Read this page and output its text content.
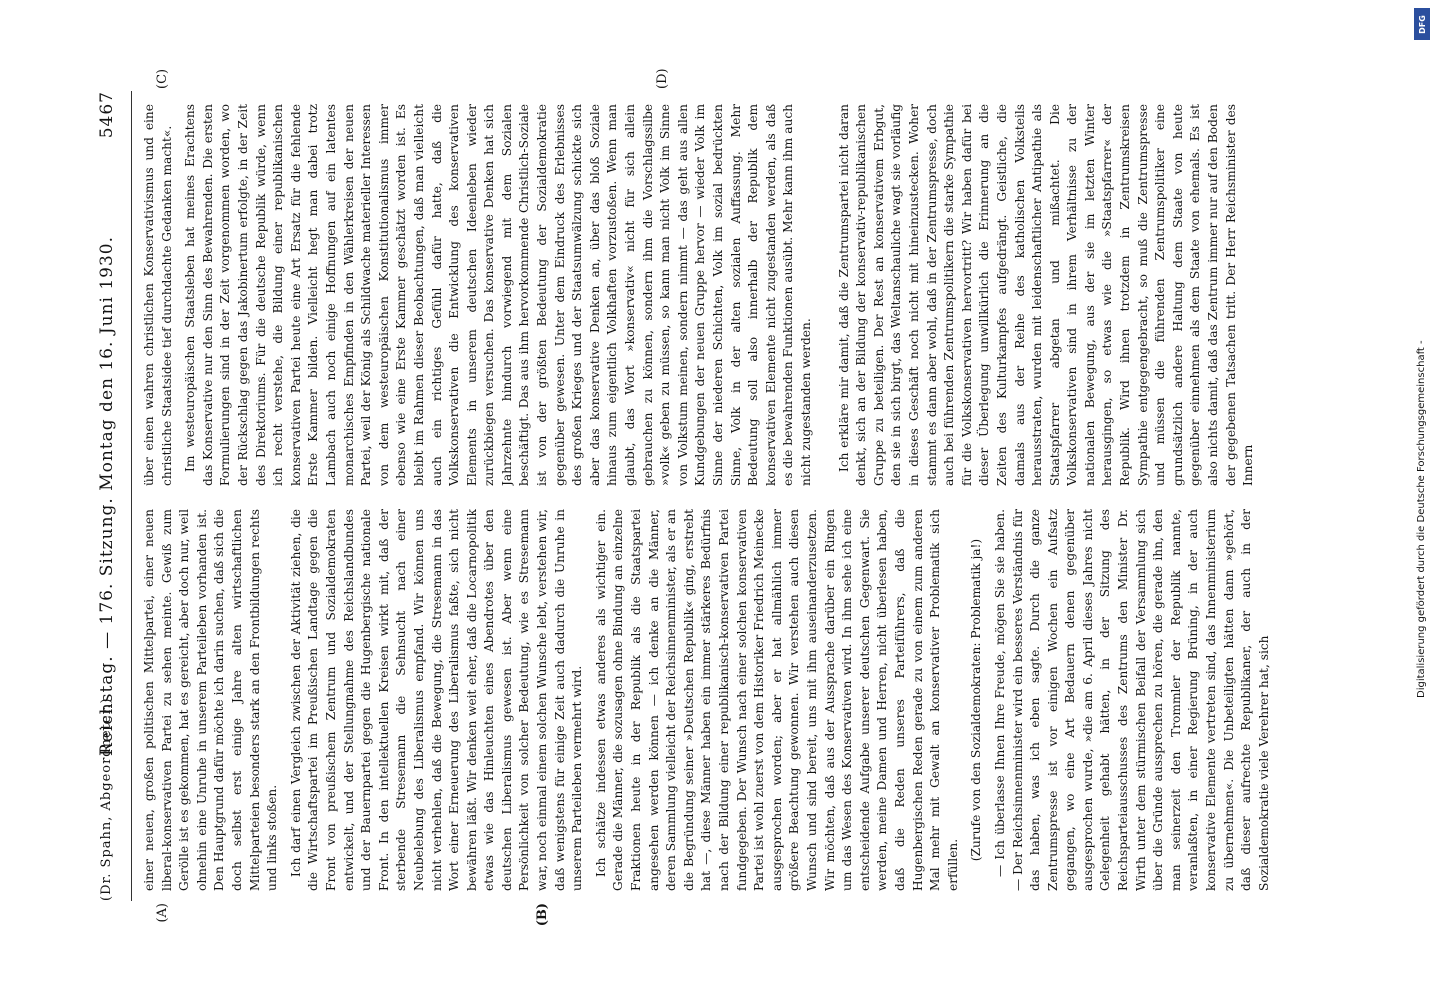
(Dr. Spahn, Abgeordneter.)
Reichstag. — 176. Sitzung. Montag den 16. Juni 1930.
5467

einer neuen, großen politischen Mittelpartei, einer neuen liberal-konservativen Partei zu sehen meinte. Gewiß zum Gerölle ist es gekommen, hat es gereicht, aber doch nur, weil ohnehin eine Unruhe in unserem Parteileben vorhanden ist. Den Hauptgrund dafür möchte ich darin suchen, daß sich die doch selbst erst einige Jahre alten wirtschaftlichen Mittelparteien besonders stark an den Frontbildungen rechts und links stoßen. Ich darf einen Vergleich zwischen der Aktivität ziehen, die die Wirtschaftspartei im Preußischen Landtage gegen die Front von preußischem Zentrum und Sozialdemokraten entwickelt, und der Stellungnahme des Reichslandbundes und der Bauernpartei gegen die Hugenbergische nationale Front. In den intellektuellen Kreisen wirkt mit, daß der sterbende Stresemann die Sehnsucht nach einer Neubelebung des Liberalismus empfand. Wir können uns nicht verhehlen, daß die Bewegung, die Stresemann in das Wort einer Erneuerung des Liberalismus faßte, sich nicht bewähren läßt. Wir denken weit eher, daß die Locarnopolitik etwas wie das Hinleuchten eines Abendrotes über den deutschen Liberalismus gewesen ist. Aber wenn eine Persönlichkeit von solcher Bedeutung, wie es Stresemann war, noch einmal einem solchen Wunsche lebt, verstehen wir, daß wenigstens für einige Zeit auch dadurch die Unruhe in unserem Parteileben vermehrt wird. Ich schätze indessen etwas anderes als wichtiger ein. Gerade die Männer, die sozusagen ohne Bindung an einzelne Fraktionen heute in der Republik als die Staatspartei angesehen werden können — ich denke an die Männer, deren Sammlung vielleicht der Reichsinnenminister, als er an die Begründung seiner »Deutschen Republik« ging, erstrebt hat —, diese Männer haben ein immer stärkeres Bedürfnis nach der Bildung einer republikanisch-konservativen Partei fundgegeben. Der Wunsch nach einer solchen konservativen Partei ist wohl zuerst von dem Historiker Friedrich Meinecke ausgesprochen worden; aber er hat allmählich immer größere Beachtung gewonnen. Wir verstehen auch diesen Wunsch und sind bereit, uns mit ihm auseinanderzusetzen. Wir möchten, daß aus der Aussprache darüber ein Ringen um das Wesen des Konservativen wird. In ihm sehe ich eine entscheidende Aufgabe unserer deutschen Gegenwart. Sie werden, meine Damen und Herren, nicht überlesen haben, daß die Reden unseres Parteiführers, daß die Hugenbergischen Reden gerade zu von einem zum anderen Mal mehr mit Gewalt an konservativer Problematik sich erfüllen.

(Zurufe von den Sozialdemokraten: Problematik ja!) — Ich überlasse Ihnen Ihre Freude, mögen Sie sie haben. — Der Reichsinnenminister wird ein besseres Verständnis für das haben, was ich eben sagte. Durch die ganze Zentrumspresse ist vor einigen Wochen ein Aufsatz gegangen, wo eine Art Bedauern denen gegenüber ausgesprochen wurde, »die am 6. April dieses Jahres nicht Gelegenheit gehabt hätten, in der Sitzung des Reichsparteiausschusses des Zentrums den Minister Dr. Wirth unter dem stürmischen Beifall der Versammlung sich über die Gründe aussprechen zu hören, die gerade ihn, den man seinerzeit den Trommler der Republik nannte, veranlaßten, in einer Regierung Brüning, in der auch konservative Elemente vertreten sind, das Innenministerium zu übernehmen«. Die Unbeteiligten hätten dann »gehört, daß dieser aufrechte Republikaner, der auch in der Sozialdemokratie viele Verehrer hat, sich

über einen wahren christlichen Konservativismus und eine christliche Staatsidee tief durchdachte Gedanken macht«. Im westeuropäischen Staatsleben hat meines Erachtens das Konservative nur den Sinn des Bewahrenden. Die ersten Formulierungen sind in der Zeit vorgenommen worden, wo der Rückschlag gegen das Jakobinertum erfolgte, in der Zeit des Direktoriums. Für die deutsche Republik würde, wenn ich recht verstehe, die Bildung einer republikanischen konservativen Partei heute eine Art Ersatz für die fehlende Erste Kammer bilden. Vielleicht hegt man dabei trotz Lambach auch noch einige Hoffnungen auf ein latentes monarchisches Empfinden in den Wählerkreisen der neuen Partei, weil der König als Schildwache materieller Interessen von dem westeuropäischen Konstitutionalismus immer ebenso wie eine Erste Kammer geschätzt worden ist. Es bleibt im Rahmen dieser Beobachtungen, daß man vielleicht auch ein richtiges Gefühl dafür hatte, daß die Volkskonservativen die Entwicklung des konservativen Elements in unserem deutschen Ideenleben wieder zurückbiegen versuchen. Das konservative Denken hat sich Jahrzehnte hindurch vorwiegend mit dem Sozialen beschäftigt. Das aus ihm hervorkommende Christlich-Soziale ist von der größten Bedeutung der Sozialdemokratie gegenüber gewesen. Unter dem Eindruck des Erlebnisses des großen Krieges und der Staatsumwälzung schickte sich aber das konservative Denken an, über das bloß Soziale hinaus zum eigentlich Volkhaften vorzustoßen. Wenn man glaubt, das Wort »konservativ« nicht für sich allein gebrauchen zu können, sondern ihm die Vorschlagssilbe »volk« geben zu müssen, so kann man nicht Volk im Sinne von Volkstum meinen, sondern nimmt — das geht aus allen Kundgebungen der neuen Gruppe hervor — wieder Volk im Sinne der niederen Schichten, Volk im sozial bedrückten Sinne, Volk in der alten sozialen Auffassung. Mehr Bedeutung soll also innerhalb der Republik dem konservativen Elemente nicht zugestanden werden, als daß es die bewahrenden Funktionen ausübt. Mehr kann ihm auch nicht zugestanden werden. Ich erkläre mir damit, daß die Zentrumspartei nicht daran denkt, sich an der Bildung der konservativ-republikanischen Gruppe zu beteiligen. Der Rest an konservativem Erbgut, den sie in sich birgt, das Weltanschauliche wagt sie vorläufig in dieses Geschäft noch nicht mit hineinzustecken. Woher stammt es dann aber wohl, daß in der Zentrumspresse, doch auch bei führenden Zentrumspolitikern die starke Sympathie für die Volkskonservativen hervortritt? Wir haben dafür bei dieser Überlegung unwillkürlich die Erinnerung an die Zeiten des Kulturkampfes aufgedrängt. Geistliche, die damals aus der Reihe des katholischen Volksteils herausstraten, wurden mit leidenschaftlicher Antipathie als Staatspfarrer abgetan und mißachtet. Die Volkskonservativen sind in ihrem Verhältnisse zu der nationalen Bewegung, aus der sie im letzten Winter herausgingen, so etwas wie die »Staatspfarrer« der Republik. Wird ihnen trotzdem in Zentrumskreisen Sympathie entgegengebracht, so muß die Zentrumspresse und müssen die führenden Zentrumspolitiker eine grundsätzlich andere Haltung dem Staate von heute gegenüber einnehmen als dem Staate von ehemals. Es ist also nichts damit, daß das Zentrum immer nur auf den Boden der gegebenen Tatsachen tritt. Der Herr Reichsminister des Innern

(A)	(B)
(C)	(D)
Digitalisierung gefördert durch die Deutsche Forschungsgemeinschaft -
DFG
